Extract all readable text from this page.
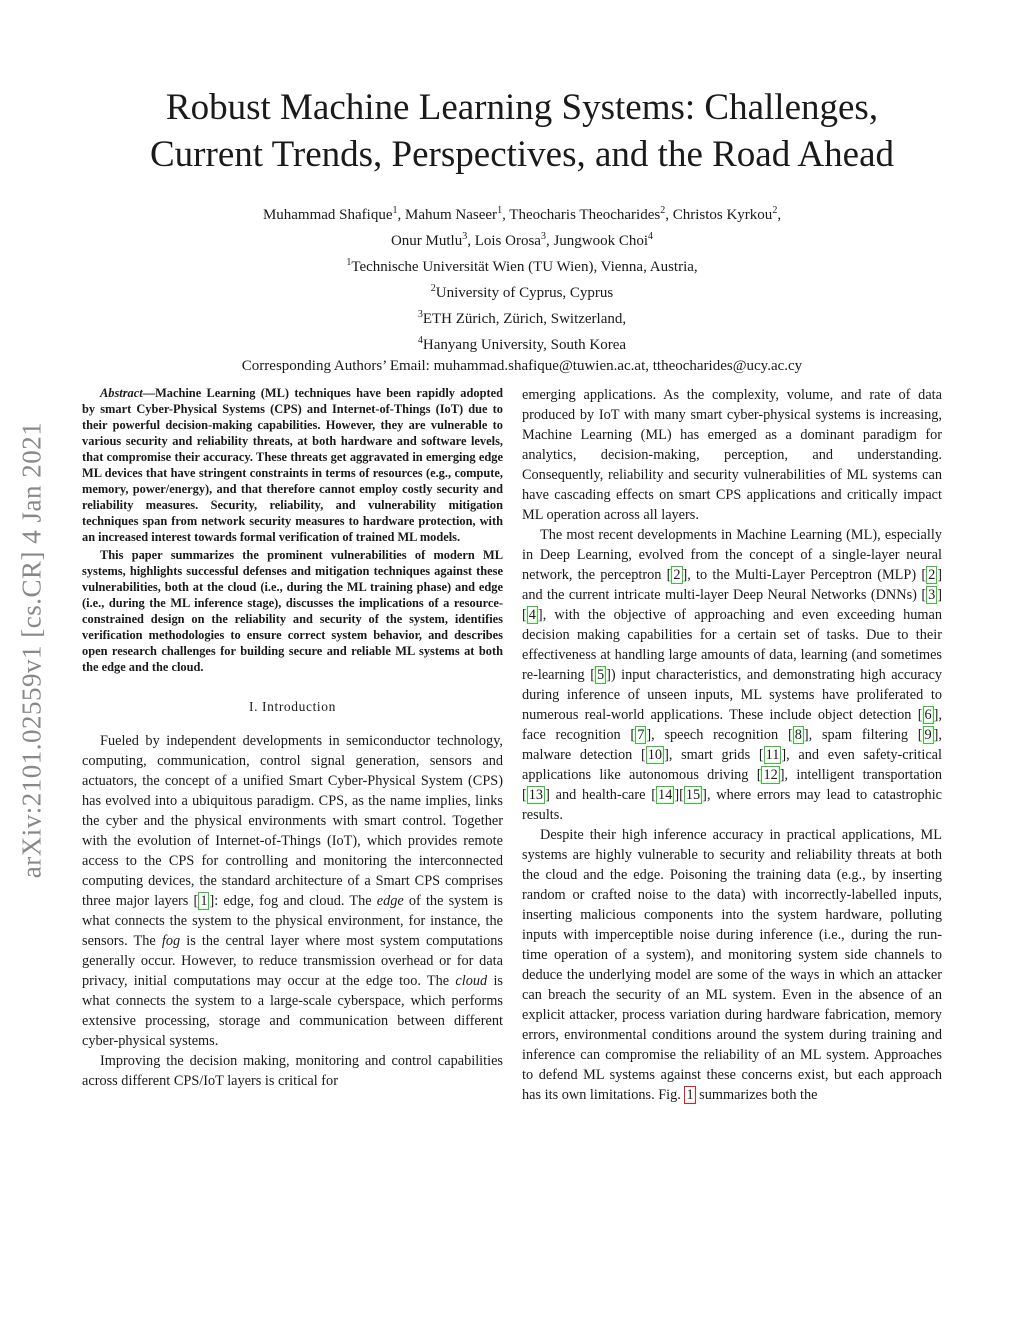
arXiv:2101.02559v1 [cs.CR] 4 Jan 2021
Robust Machine Learning Systems: Challenges,
Current Trends, Perspectives, and the Road Ahead
Muhammad Shafique$^1$, Mahum Naseer$^1$, Theocharis Theocharides$^2$, Christos Kyrkou$^2$,
Onur Mutlu$^3$, Lois Orosa$^3$, Jungwook Choi$^4$
$^1$Technische Universität Wien (TU Wien), Vienna, Austria,
$^2$University of Cyprus, Cyprus
$^3$ETH Zürich, Zürich, Switzerland,
$^4$Hanyang University, South Korea
Corresponding Authors’ Email: muhammad.shafique@tuwien.ac.at, ttheocharides@ucy.ac.cy

Abstract—Machine Learning (ML) techniques have been rapidly adopted by smart Cyber-Physical Systems (CPS) and Internet-of-Things (IoT) due to their powerful decision-making capabilities. However, they are vulnerable to various security and reliability threats, at both hardware and software levels, that compromise their accuracy. These threats get aggravated in emerging edge ML devices that have stringent constraints in terms of resources (e.g., compute, memory, power/energy), and that therefore cannot employ costly security and reliability measures. Security, reliability, and vulnerability mitigation techniques span from network security measures to hardware protection, with an increased interest towards formal verification of trained ML models.

This paper summarizes the prominent vulnerabilities of modern ML systems, highlights successful defenses and mitigation techniques against these vulnerabilities, both at the cloud (i.e., during the ML training phase) and edge (i.e., during the ML inference stage), discusses the implications of a resource-constrained design on the reliability and security of the system, identifies verification methodologies to ensure correct system behavior, and describes open research challenges for building secure and reliable ML systems at both the edge and the cloud.

I. Introduction

Fueled by independent developments in semiconductor technology, computing, communication, control signal generation, sensors and actuators, the concept of a unified Smart Cyber-Physical System (CPS) has evolved into a ubiquitous paradigm. CPS, as the name implies, links the cyber and the physical environments with smart control. Together with the evolution of Internet-of-Things (IoT), which provides remote access to the CPS for controlling and monitoring the interconnected computing devices, the standard architecture of a Smart CPS comprises three major layers [ 1 ]: edge, fog and cloud. The edge of the system is what connects the system to the physical environment, for instance, the sensors. The fog is the central layer where most system computations generally occur. However, to reduce transmission overhead or for data privacy, initial computations may occur at the edge too. The cloud is what connects the system to a large-scale cyberspace, which performs extensive processing, storage and communication between different cyber-physical systems.

Improving the decision making, monitoring and control capabilities across different CPS/IoT layers is critical for

emerging applications. As the complexity, volume, and rate of data produced by IoT with many smart cyber-physical systems is increasing, Machine Learning (ML) has emerged as a dominant paradigm for analytics, decision-making, perception, and understanding. Consequently, reliability and security vulnerabilities of ML systems can have cascading effects on smart CPS applications and critically impact ML operation across all layers.

The most recent developments in Machine Learning (ML), especially in Deep Learning, evolved from the concept of a single-layer neural network, the perceptron [ 2 ], to the Multi-Layer Perceptron (MLP) [ 2 ] and the current intricate multi-layer Deep Neural Networks (DNNs) [ 3 ][ 4 ], with the objective of approaching and even exceeding human decision making capabilities for a certain set of tasks. Due to their effectiveness at handling large amounts of data, learning (and sometimes re-learning [ 5 ]) input characteristics, and demonstrating high accuracy during inference of unseen inputs, ML systems have proliferated to numerous real-world applications. These include object detection [ 6 ], face recognition [ 7 ], speech recognition [ 8 ], spam filtering [ 9 ], malware detection [ 10 ], smart grids [ 11 ], and even safety-critical applications like autonomous driving [ 12 ], intelligent transportation [ 13 ] and health-care [ 14 ][ 15 ], where errors may lead to catastrophic results.

Despite their high inference accuracy in practical applications, ML systems are highly vulnerable to security and reliability threats at both the cloud and the edge. Poisoning the training data (e.g., by inserting random or crafted noise to the data) with incorrectly-labelled inputs, inserting malicious components into the system hardware, polluting inputs with imperceptible noise during inference (i.e., during the run-time operation of a system), and monitoring system side channels to deduce the underlying model are some of the ways in which an attacker can breach the security of an ML system. Even in the absence of an explicit attacker, process variation during hardware fabrication, memory errors, environmental conditions around the system during training and inference can compromise the reliability of an ML system. Approaches to defend ML systems against these concerns exist, but each approach has its own limitations. Fig. 1 summarizes both the
